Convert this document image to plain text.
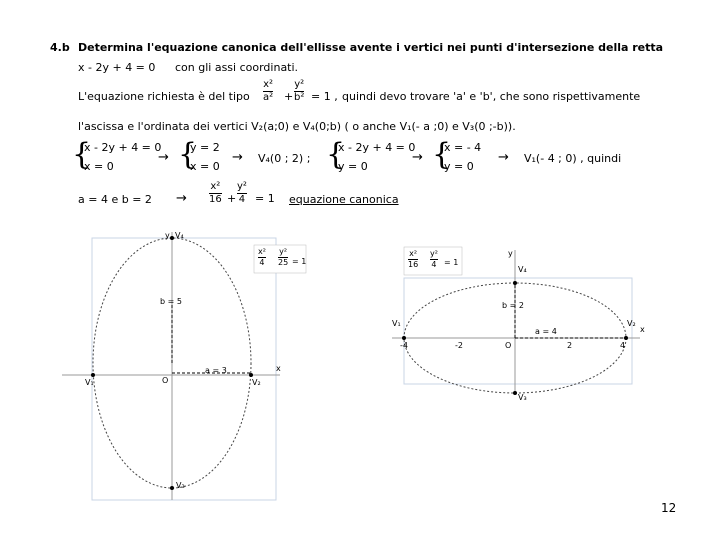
4.b Determina l'equazione canonica dell'ellisse avente i vertici nei punti d'intersezione della retta
x - 2y + 4 = 0 con gli assi coordinati.
L'equazione richiesta è del tipo
x²
a² +
y²
b² = 1 , quindi devo trovare 'a' e 'b', che sono rispettivamente
l'ascissa e l'ordinata dei vertici V₂(a;0) e V₄(0;b) ( o anche V₁(- a ;0) e V₃(0 ;-b)).
{
x - 2y + 4 = 0
x = 0
→ {
y = 2
x = 0
→ V₄(0 ; 2) ; {
x - 2y + 4 = 0
y = 0
→ {
x = - 4
y = 0
→ V₁(- 4 ; 0) , quindi
a = 4 e b = 2 →
x²
16 +
y²
4 = 1 equazione canonica
x²
4
y²
25 = 1
V₄
b = 5
a = 3
V₁	V₂
O
V₃
x
y
x²
16
y²
4 = 1
V₄
b = 2
a = 4
V₁	V₂
O
V₃
x
y
-4	-2	2	4
12
